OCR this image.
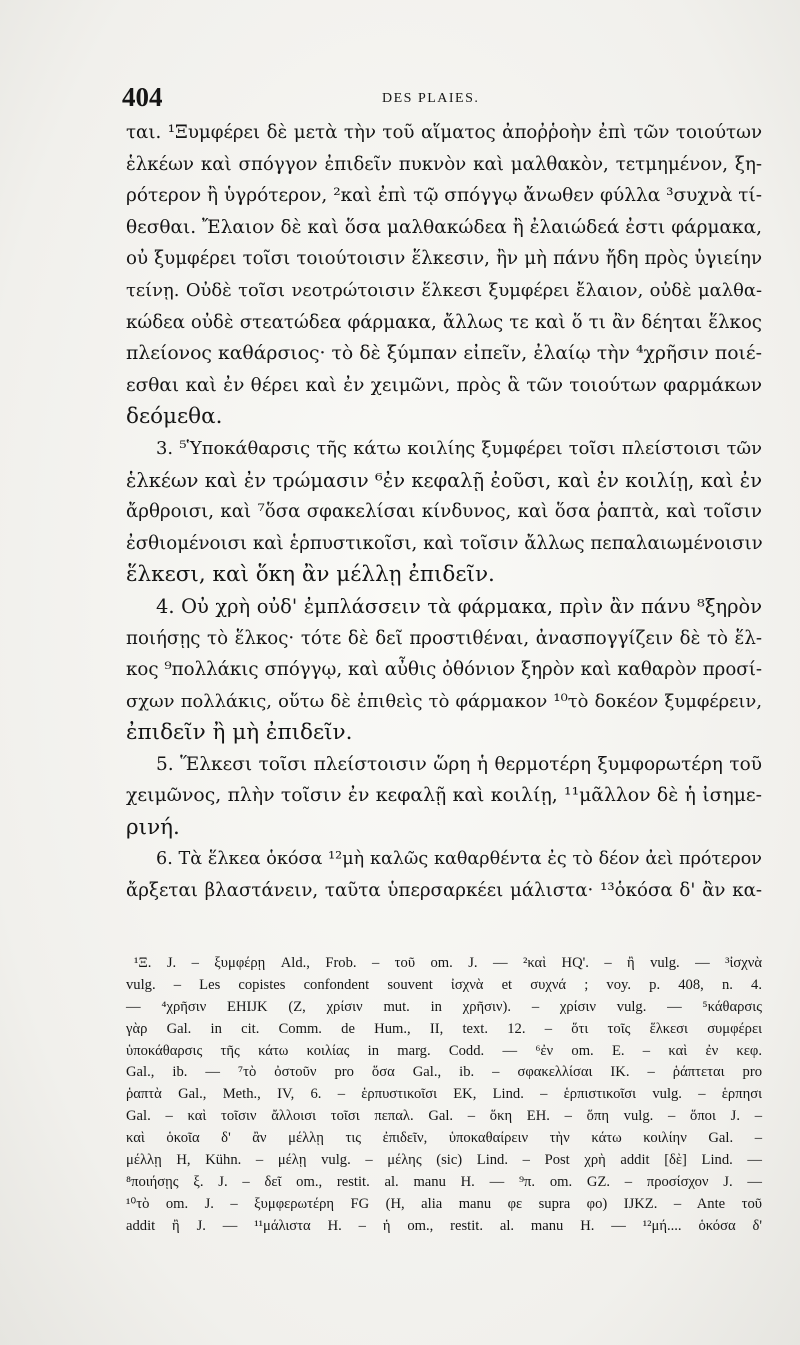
404	DES PLAIES.
ται. ¹Ξυμφέρει δὲ μετὰ τὴν τοῦ αἵματος ἀποῤῥοὴν ἐπὶ τῶν τοιούτων
ἑλκέων καὶ σπόγγον ἐπιδεῖν πυκνὸν καὶ μαλθακὸν, τετμημένον, ξη-
ρότερον ἢ ὑγρότερον, ²καὶ ἐπὶ τῷ σπόγγῳ ἄνωθεν φύλλα ³συχνὰ τί-
θεσθαι. Ἔλαιον δὲ καὶ ὅσα μαλθακώδεα ἢ ἐλαιώδεά ἐστι φάρμακα,
οὐ ξυμφέρει τοῖσι τοιούτοισιν ἕλκεσιν, ἢν μὴ πάνυ ἤδη πρὸς ὑγιείην
τείνῃ. Οὐδὲ τοῖσι νεοτρώτοισιν ἕλκεσι ξυμφέρει ἔλαιον, οὐδὲ μαλθα-
κώδεα οὐδὲ στεατώδεα φάρμακα, ἄλλως τε καὶ ὅ τι ἂν δέηται ἕλκος
πλείονος καθάρσιος· τὸ δὲ ξύμπαν εἰπεῖν, ἐλαίῳ τὴν ⁴χρῆσιν ποιέ-
εσθαι καὶ ἐν θέρει καὶ ἐν χειμῶνι, πρὸς ἃ τῶν τοιούτων φαρμάκων
δεόμεθα.
3. ⁵Ὑποκάθαρσις τῆς κάτω κοιλίης ξυμφέρει τοῖσι πλείστοισι τῶν
ἑλκέων καὶ ἐν τρώμασιν ⁶ἐν κεφαλῇ ἐοῦσι, καὶ ἐν κοιλίῃ, καὶ ἐν
ἄρθροισι, καὶ ⁷ὅσα σφακελίσαι κίνδυνος, καὶ ὅσα ῥαπτὰ, καὶ τοῖσιν
ἐσθιομένοισι καὶ ἑρπυστικοῖσι, καὶ τοῖσιν ἄλλως πεπαλαιωμένοισιν
ἕλκεσι, καὶ ὅκη ἂν μέλλῃ ἐπιδεῖν.
4. Οὐ χρὴ οὐδ' ἐμπλάσσειν τὰ φάρμακα, πρὶν ἂν πάνυ ⁸ξηρὸν
ποιήσῃς τὸ ἕλκος· τότε δὲ δεῖ προστιθέναι, ἀνασπογγίζειν δὲ τὸ ἕλ-
κος ⁹πολλάκις σπόγγῳ, καὶ αὖθις ὀθόνιον ξηρὸν καὶ καθαρὸν προσί-
σχων πολλάκις, οὕτω δὲ ἐπιθεὶς τὸ φάρμακον ¹⁰τὸ δοκέον ξυμφέρειν,
ἐπιδεῖν ἢ μὴ ἐπιδεῖν.
5. Ἕλκεσι τοῖσι πλείστοισιν ὥρη ἡ θερμοτέρη ξυμφορωτέρη τοῦ
χειμῶνος, πλὴν τοῖσιν ἐν κεφαλῇ καὶ κοιλίῃ, ¹¹μᾶλλον δὲ ἡ ἰσημε-
ρινή.
6. Τὰ ἕλκεα ὁκόσα ¹²μὴ καλῶς καθαρθέντα ἐς τὸ δέον ἀεὶ πρότερον
ἄρξεται βλαστάνειν, ταῦτα ὑπερσαρκέει μάλιστα· ¹³ὁκόσα δ' ἂν κα-
¹Ξ. J. – ξυμφέρῃ Ald., Frob. – τοῦ om. J. — ²καὶ HQ'. – ἢ vulg. — ³ἰσχνὰ
vulg. – Les copistes confondent souvent ἰσχνὰ et συχνά ; voy. p. 408, n. 4.
— ⁴χρῆσιν EHIJK (Z, χρίσιν mut. in χρῆσιν). – χρίσιν vulg. — ⁵κάθαρσις
γὰρ Gal. in cit. Comm. de Hum., II, text. 12. – ὅτι τοῖς ἕλκεσι συμφέρει
ὑποκάθαρσις τῆς κάτω κοιλίας in marg. Codd. — ⁶ἐν om. E. – καὶ ἐν κεφ.
Gal., ib. — ⁷τὸ ὀστοῦν pro ὅσα Gal., ib. – σφακελλίσαι IK. – ῥάπτεται pro
ῥαπτὰ Gal., Meth., IV, 6. – ἑρπυστικοῖσι EK, Lind. – ἑρπιστικοῖσι vulg. – ἑρπησι
Gal. – καὶ τοῖσιν ἄλλοισι τοῖσι πεπαλ. Gal. – ὅκη EH. – ὅπη vulg. – ὅποι J. –
καὶ ὁκοῖα δ' ἂν μέλλῃ τις ἐπιδεῖν, ὑποκαθαίρειν τὴν κάτω κοιλίην Gal. –
μέλλῃ H, Kühn. – μέλῃ vulg. – μέλης (sic) Lind. – Post χρὴ addit [δὲ] Lind. —
⁸ποιήσῃς ξ. J. – δεῖ om., restit. al. manu H. — ⁹π. om. GZ. – προσίσχον J. —
¹⁰τὸ om. J. – ξυμφερωτέρη FG (H, alia manu φε supra φο) IJKZ. – Ante τοῦ
addit ἢ J. — ¹¹μάλιστα H. – ἡ om., restit. al. manu H. — ¹²μή.... ὁκόσα δ'
